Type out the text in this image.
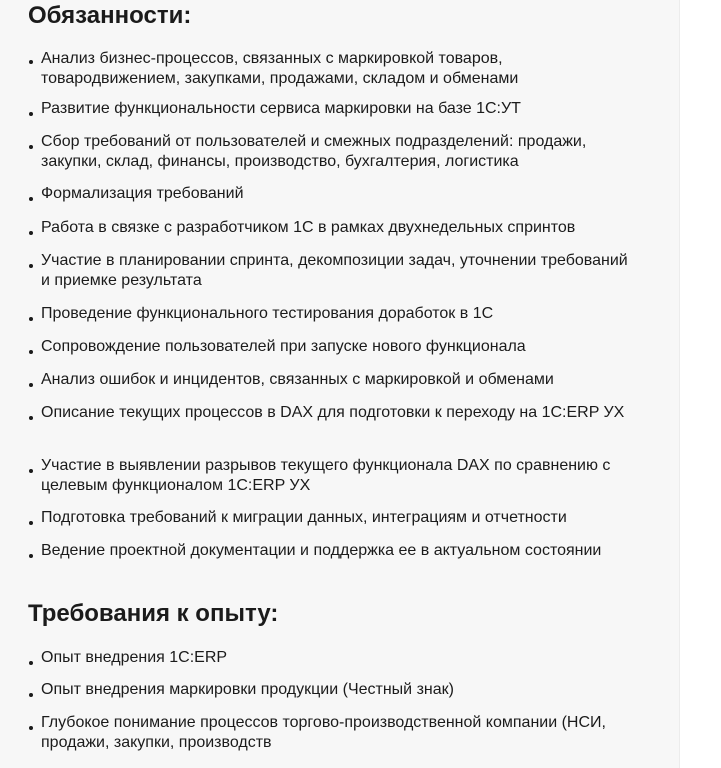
Обязанности:
Анализ бизнес-процессов, связанных с маркировкой товаров, товародвижением, закупками, продажами, складом и обменами
Развитие функциональности сервиса маркировки на базе 1С:УТ
Сбор требований от пользователей и смежных подразделений: продажи, закупки, склад, финансы, производство, бухгалтерия, логистика
Формализация требований
Работа в связке с разработчиком 1С в рамках двухнедельных спринтов
Участие в планировании спринта, декомпозиции задач, уточнении требований и приемке результата
Проведение функционального тестирования доработок в 1С
Сопровождение пользователей при запуске нового функционала
Анализ ошибок и инцидентов, связанных с маркировкой и обменами
Описание текущих процессов в DAX для подготовки к переходу на 1С:ERP УХ
Участие в выявлении разрывов текущего функционала DAX по сравнению с целевым функционалом 1С:ERP УХ
Подготовка требований к миграции данных, интеграциям и отчетности
Ведение проектной документации и поддержка ее в актуальном состоянии
Требования к опыту:
Опыт внедрения 1С:ERP
Опыт внедрения маркировки продукции (Честный знак)
Глубокое понимание процессов торгово-производственной компании (НСИ, продажи, закупки, производств
